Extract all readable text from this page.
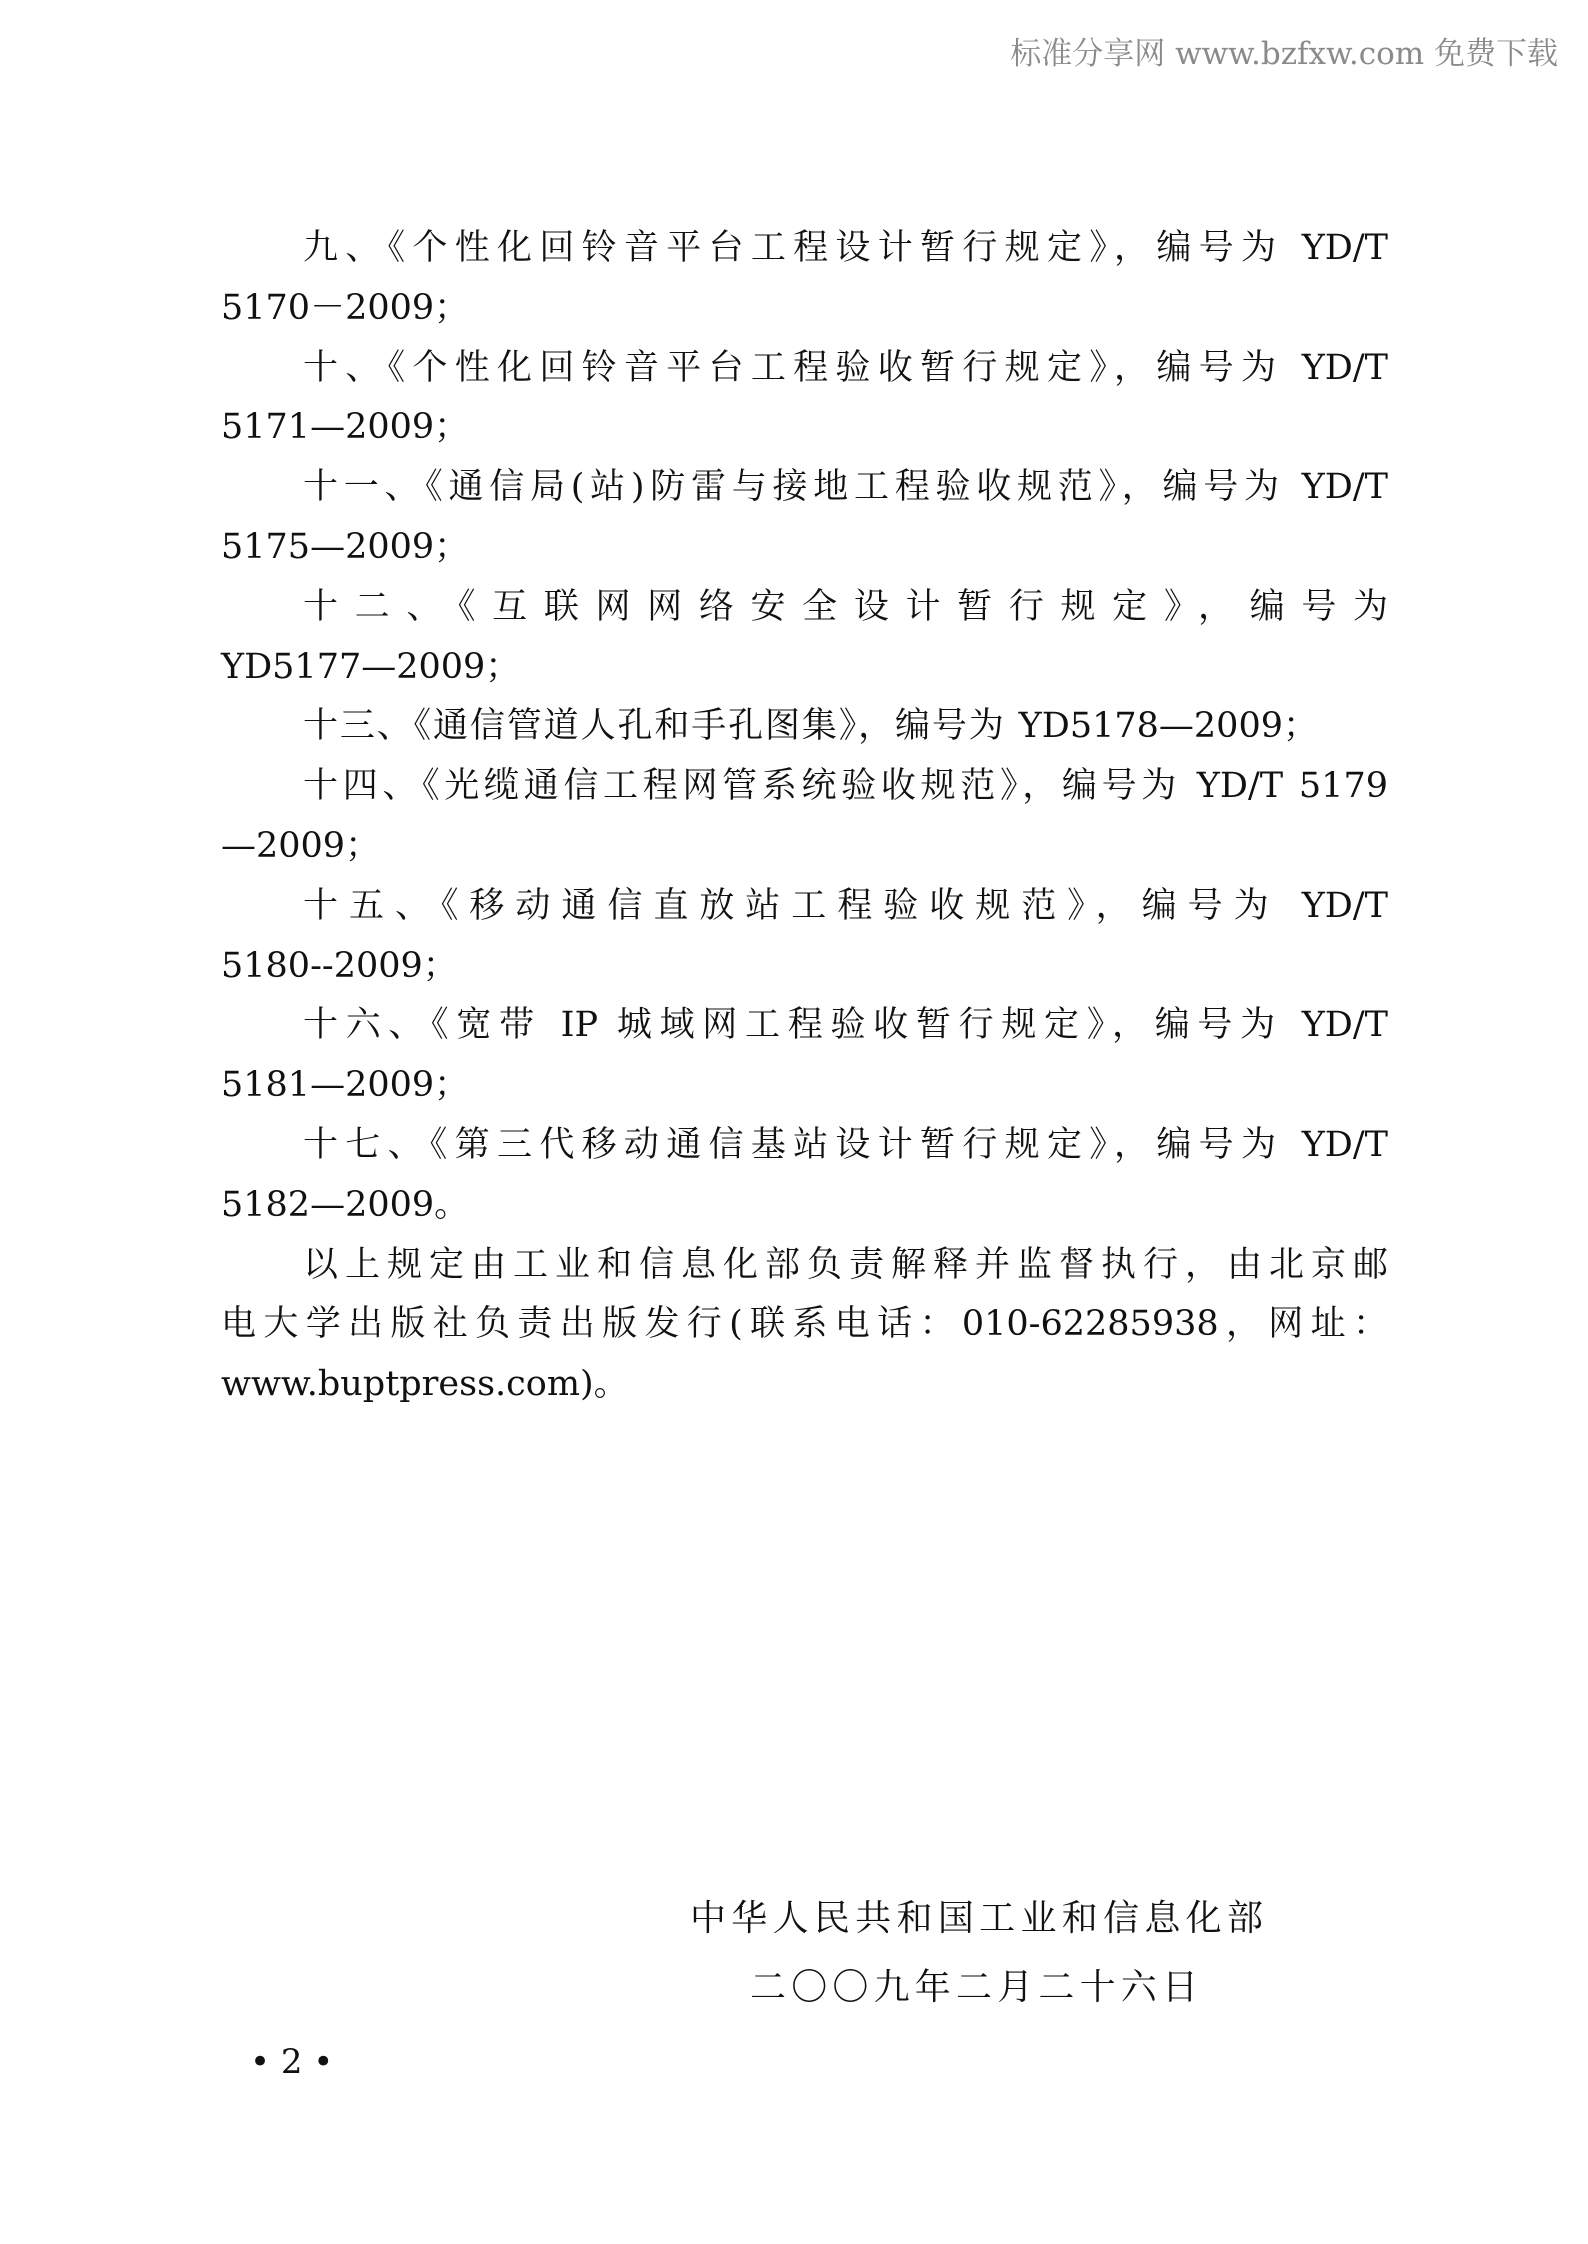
标准分享网 www.bzfxw.com 免费下载
九、《个性化回铃音平台工程设计暂行规定》，编号为 YD/T
5170－2009；
十、《个性化回铃音平台工程验收暂行规定》，编号为 YD/T
5171—2009；
十一、《通信局(站)防雷与接地工程验收规范》，编号为 YD/T
5175—2009；
十二、《互联网网络安全设计暂行规定》，编号为
YD5177—2009；
十三、《通信管道人孔和手孔图集》，编号为 YD5178—2009；
十四、《光缆通信工程网管系统验收规范》，编号为 YD/T 5179
—2009；
十五、《移动通信直放站工程验收规范》，编号为 YD/T
5180--2009；
十六、《宽带 IP 城域网工程验收暂行规定》，编号为 YD/T
5181—2009；
十七、《第三代移动通信基站设计暂行规定》，编号为 YD/T
5182—2009。
以上规定由工业和信息化部负责解释并监督执行，由北京邮
电大学出版社负责出版发行(联系电话：010-62285938，网址：
www.buptpress.com)。
中华人民共和国工业和信息化部
二〇〇九年二月二十六日
• 2 •
